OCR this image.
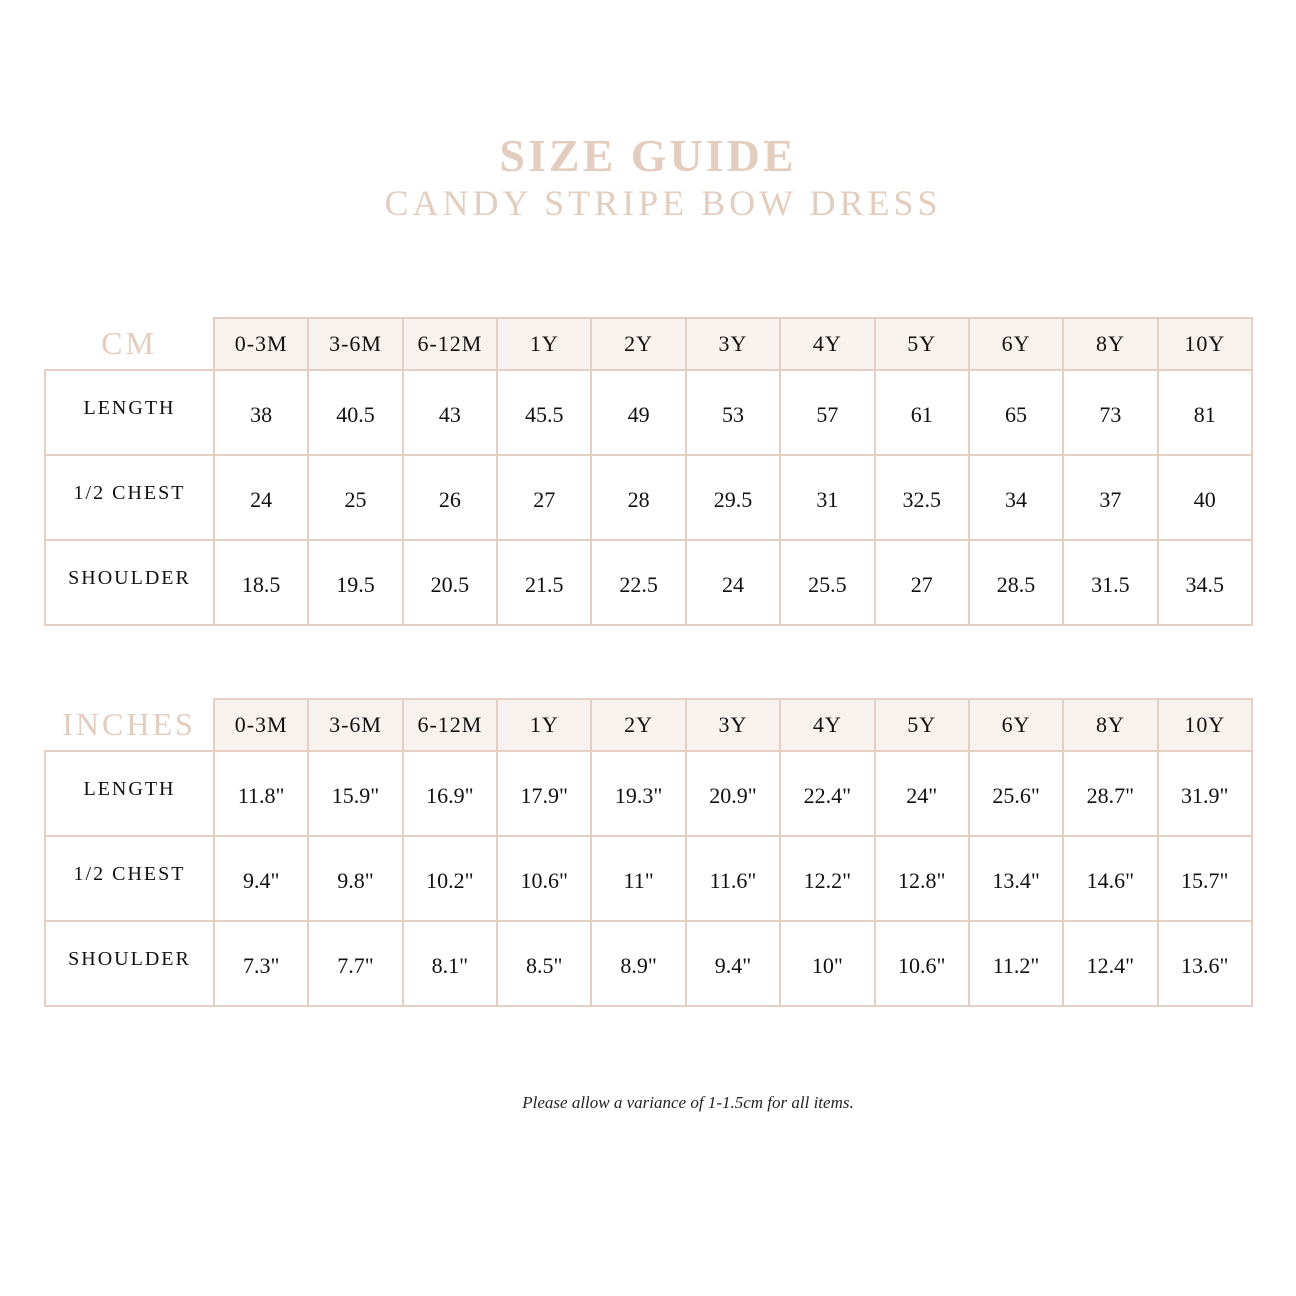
SIZE GUIDE
CANDY STRIPE BOW DRESS
CM	0-3M	3-6M	6-12M	1Y	2Y	3Y	4Y	5Y	6Y	8Y	10Y
LENGTH	38	40.5	43	45.5	49	53	57	61	65	73	81
1/2 CHEST	24	25	26	27	28	29.5	31	32.5	34	37	40
SHOULDER	18.5	19.5	20.5	21.5	22.5	24	25.5	27	28.5	31.5	34.5
INCHES	0-3M	3-6M	6-12M	1Y	2Y	3Y	4Y	5Y	6Y	8Y	10Y
LENGTH	11.8"	15.9"	16.9"	17.9"	19.3"	20.9"	22.4"	24"	25.6"	28.7"	31.9"
1/2 CHEST	9.4"	9.8"	10.2"	10.6"	11"	11.6"	12.2"	12.8"	13.4"	14.6"	15.7"
SHOULDER	7.3"	7.7"	8.1"	8.5"	8.9"	9.4"	10"	10.6"	11.2"	12.4"	13.6"
Please allow a variance of 1-1.5cm for all items.
